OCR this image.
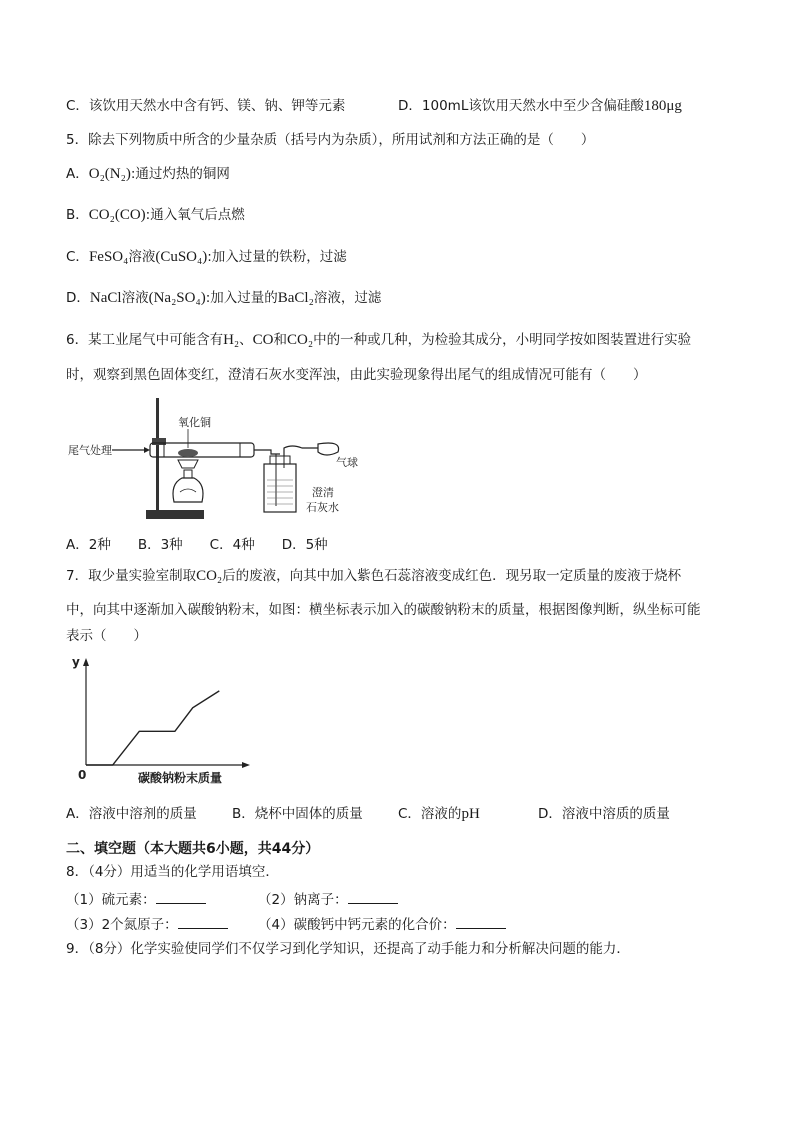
C．该饮用天然水中含有钙、镁、钠、钾等元素	D．100mL该饮用天然水中至少含偏硅酸180μg
5．除去下列物质中所含的少量杂质（括号内为杂质），所用试剂和方法正确的是（　　）
A．O₂(N₂):通过灼热的铜网
B．CO₂(CO):通入氧气后点燃
C．FeSO₄溶液(CuSO₄):加入过量的铁粉，过滤
D．NaCl溶液(Na₂SO₄):加入过量的BaCl₂溶液，过滤
6．某工业尾气中可能含有H₂、CO和CO₂中的一种或几种，为检验其成分，小明同学按如图装置进行实验
时，观察到黑色固体变红，澄清石灰水变浑浊，由此实验现象得出尾气的组成情况可能有（　　）
尾气处理
氧化铜
气球
澄清
石灰水
A．2种　　B．3种　　C．4种　　D．5种
7．取少量实验室制取CO₂后的废液，向其中加入紫色石蕊溶液变成红色．现另取一定质量的废液于烧杯
中，向其中逐渐加入碳酸钠粉末，如图：横坐标表示加入的碳酸钠粉末的质量，根据图像判断，纵坐标可能
表示（　　）
y
0	碳酸钠粉末质量
A．溶液中溶剂的质量	B．烧杯中固体的质量	C．溶液的pH	D．溶液中溶质的质量
二、填空题（本大题共6小题，共44分）
8．（4分）用适当的化学用语填空．
（1）硫元素：	（2）钠离子：
（3）2个氮原子：	（4）碳酸钙中钙元素的化合价：
9．（8分）化学实验使同学们不仅学习到化学知识，还提高了动手能力和分析解决问题的能力．
